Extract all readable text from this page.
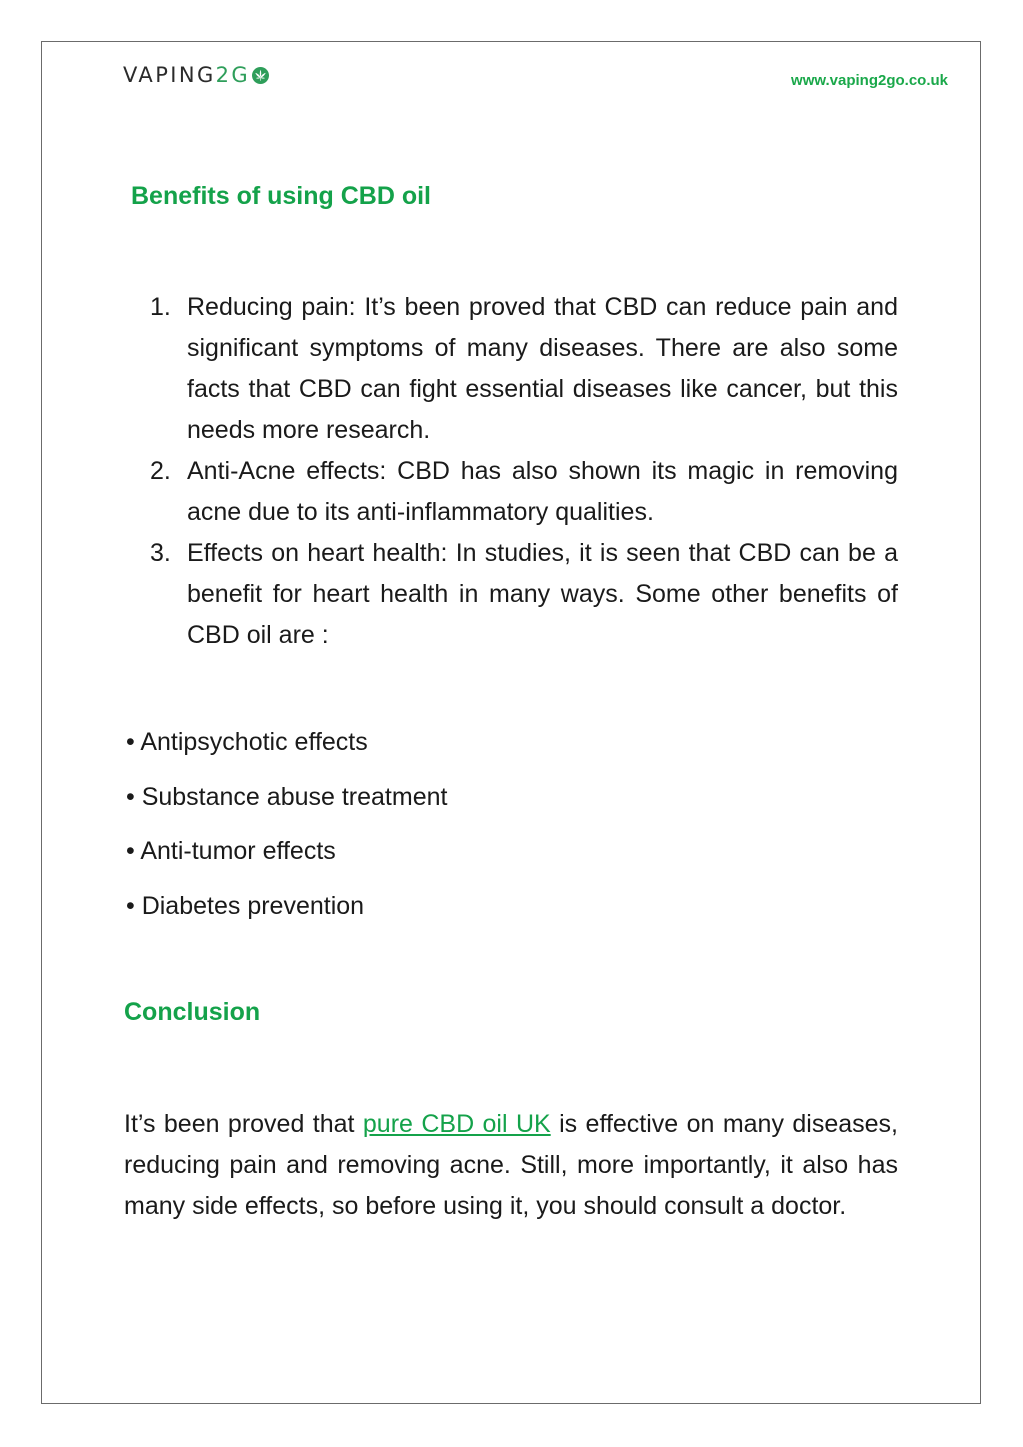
VAPING 2G	www.vaping2go.co.uk
Benefits of using CBD oil
1. Reducing pain: It’s been proved that CBD can reduce pain and significant symptoms of many diseases. There are also some facts that CBD can fight essential diseases like cancer, but this needs more research.
2. Anti-Acne effects: CBD has also shown its magic in removing acne due to its anti-inflammatory qualities.
3. Effects on heart health: In studies, it is seen that CBD can be a benefit for heart health in many ways. Some other benefits of CBD oil are :
• Antipsychotic effects
• Substance abuse treatment
• Anti-tumor effects
• Diabetes prevention
Conclusion

It’s been proved that pure CBD oil UK is effective on many diseases, reducing pain and removing acne. Still, more importantly, it also has many side effects, so before using it, you should consult a doctor.
